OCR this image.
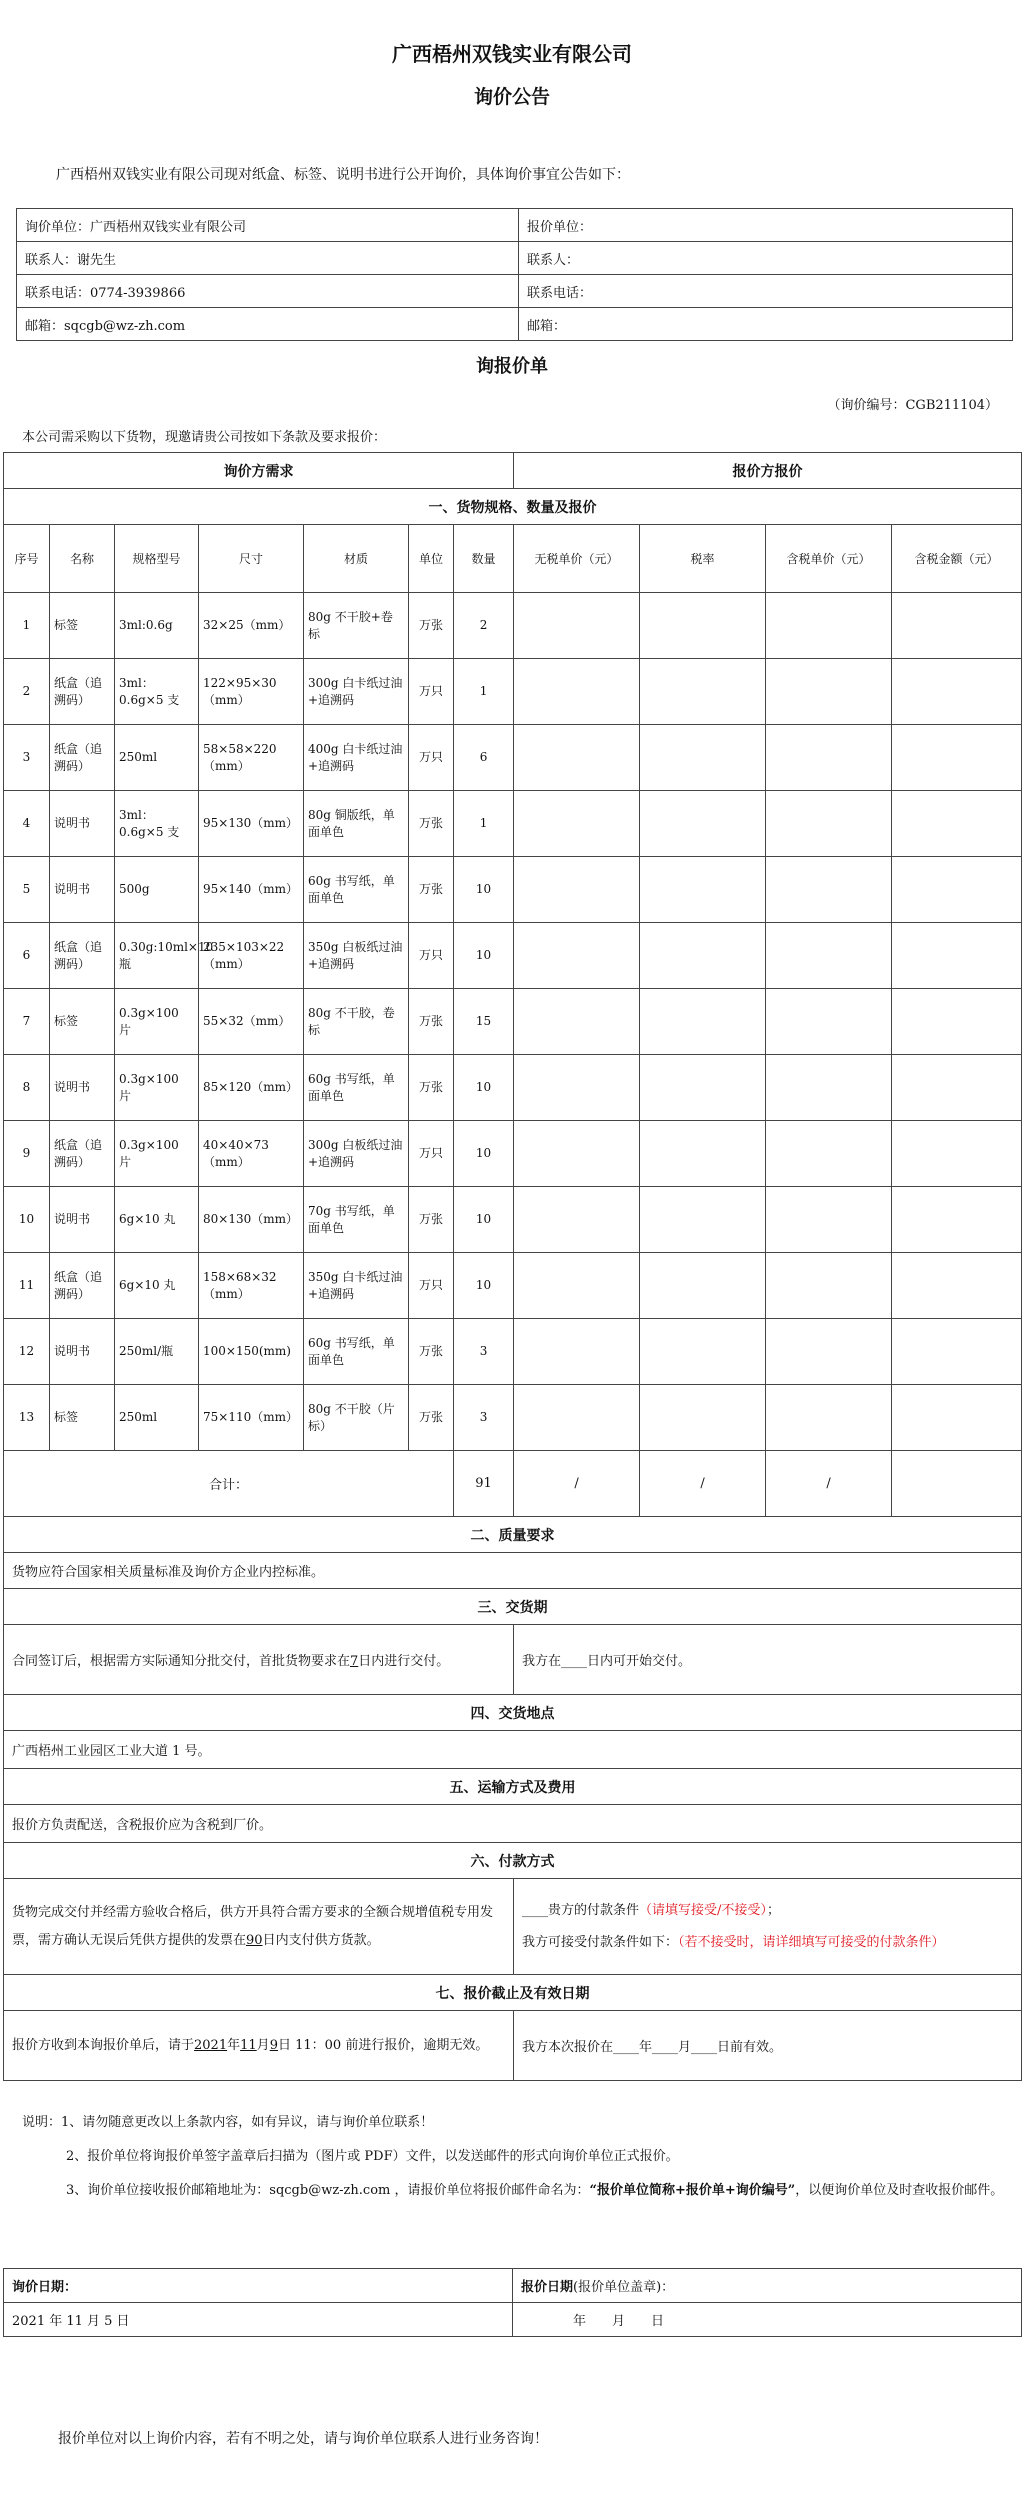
广西梧州双钱实业有限公司
询价公告
广西梧州双钱实业有限公司现对纸盒、标签、说明书进行公开询价，具体询价事宜公告如下：
询价单位：广西梧州双钱实业有限公司	报价单位：
联系人：谢先生	联系人：
联系电话：0774-3939866	联系电话：
邮箱：sqcgb@wz-zh.com	邮箱：
询报价单
（询价编号：CGB211104）
本公司需采购以下货物，现邀请贵公司按如下条款及要求报价：
询价方需求							报价方报价			
一、货物规格、数量及报价										
序号	名称	规格型号	尺寸	材质	单位	数量	无税单价（元）	税率	含税单价（元）	含税金额（元）
1	标签	3ml:0.6g	32×25（mm）	80g 不干胶+卷标	万张	2				
2	纸盒（追溯码）	3ml：0.6g×5 支	122×95×30（mm）	300g 白卡纸过油+追溯码	万只	1				
3	纸盒（追溯码）	250ml	58×58×220（mm）	400g 白卡纸过油+追溯码	万只	6				
4	说明书	3ml：0.6g×5 支	95×130（mm）	80g 铜版纸，单面单色	万张	1				
5	说明书	500g	95×140（mm）	60g 书写纸，单面单色	万张	10				
6	纸盒（追溯码）	0.30g:10ml×10 瓶	235×103×22（mm）	350g 白板纸过油+追溯码	万只	10				
7	标签	0.3g×100 片	55×32（mm）	80g 不干胶，卷标	万张	15				
8	说明书	0.3g×100 片	85×120（mm）	60g 书写纸，单面单色	万张	10				
9	纸盒（追溯码）	0.3g×100 片	40×40×73（mm）	300g 白板纸过油+追溯码	万只	10				
10	说明书	6g×10 丸	80×130（mm）	70g 书写纸，单面单色	万张	10				
11	纸盒（追溯码）	6g×10 丸	158×68×32（mm）	350g 白卡纸过油+追溯码	万只	10				
12	说明书	250ml/瓶	100×150(mm)	60g 书写纸，单面单色	万张	3				
13	标签	250ml	75×110（mm）	80g 不干胶（片标）	万张	3				
合计：						91	/	/	/	
二、质量要求										
货物应符合国家相关质量标准及询价方企业内控标准。										
三、交货期										
合同签订后，根据需方实际通知分批交付，首批货物要求在7日内进行交付。							我方在____日内可开始交付。			
四、交货地点										
广西梧州工业园区工业大道 1 号。										
五、运输方式及费用										
报价方负责配送，含税报价应为含税到厂价。										
六、付款方式										
货物完成交付并经需方验收合格后，供方开具符合需方要求的全额合规增值税专用发票，需方确认无误后凭供方提供的发票在90日内支付供方货款。							____贵方的付款条件（请填写接受/不接受）；
我方可接受付款条件如下：（若不接受时，请详细填写可接受的付款条件）			

七、报价截止及有效日期										
报价方收到本询报价单后，请于2021年11月9日 11：00 前进行报价，逾期无效。							我方本次报价在____年____月____日前有效。			
说明：1、请勿随意更改以上条款内容，如有异议，请与询价单位联系！
2、报价单位将询报价单签字盖章后扫描为（图片或 PDF）文件，以发送邮件的形式向询价单位正式报价。
3、询价单位接收报价邮箱地址为：sqcgb@wz-zh.com ，请报价单位将报价邮件命名为：“报价单位简称+报价单+询价编号”，以便询价单位及时查收报价邮件。
询价日期：	报价日期(报价单位盖章)：
2021 年 11 月 5 日	年　　月　　日
报价单位对以上询价内容，若有不明之处，请与询价单位联系人进行业务咨询！
